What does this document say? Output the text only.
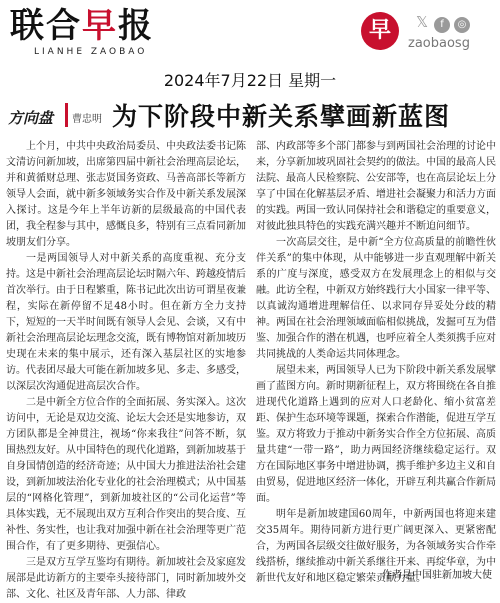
联合早报
LIANHE ZAOBAO
早	𝕏 f ◎
zaobaosg
2024年7月22日 星期一
方向盘 曹忠明 为下阶段中新关系擘画新蓝图

上个月，中共中央政治局委员、中央政法委书记陈文清访问新加坡，出席第四届中新社会治理高层论坛，并和黄循财总理、张志贤国务资政、马善高部长等新方领导人会面，就中新多领域务实合作及中新关系发展深入探讨。这是今年上半年访新的层级最高的中国代表团，我全程参与其中，感慨良多，特别有三点看同新加坡朋友们分享。

一是两国领导人对中新关系的高度重视、充分支持。这是中新社会治理高层论坛时隔六年、跨越疫情后首次举行。由于日程繁重，陈书记此次出访可谓星夜兼程，实际在新停留不足48小时。但在新方全力支持下，短短的一天半时间既有领导人会见、会谈，又有中新社会治理高层论坛理念交流，既有博物馆对新加坡历史现在未来的集中展示，还有深入基层社区的实地参访。代表团尽最大可能在新加坡多见、多走、多感受，以深层次沟通促进高层次合作。

二是中新全方位合作的全面拓展、务实深入。这次访问中，无论是双边交流、论坛大会还是实地参访，双方团队都是全神贯注，视场“你来我往”问答不断，氛围热烈友好。从中国特色的现代化道路，到新加坡基于自身国情创造的经济奇迹；从中国大力推进法治社会建设，到新加坡法治化专业化的社会治理模式；从中国基层的“网格化管理”，到新加坡社区的“公司化运营”等具体实践，无不展现出双方互利合作突出的契合度、互补性、务实性，也让我对加强中新在社会治理等更广范围合作，有了更多期待、更强信心。

三是双方互学互鉴均有期待。新加坡社会及家庭发展部是此访新方的主要牵头接待部门，同时新加坡外交部、文化、社区及青年部、人力部、律政

部、内政部等多个部门都参与到两国社会治理的讨论中来，分享新加坡巩固社会契约的做法。中国的最高人民法院、最高人民检察院、公安部等，也在高层论坛上分享了中国在化解基层矛盾、增进社会凝聚力和活力方面的实践。两国一致认同保持社会和谐稳定的重要意义，对彼此独具特色的实践充满兴趣并不断迫问细节。

一次高层交往，是中新“全方位高质量的前瞻性伙伴关系”的集中体现，从中能够进一步直观理解中新关系的广度与深度，感受双方在发展理念上的相似与交融。此访全程，中新双方始终践行大小国家一律平等、以真诚沟通增进理解信任、以求同存异妥处分歧的精神。两国在社会治理领域面临相似挑战，发掘可互为借鉴、加强合作的潜在机遇，也呼应着全人类须携手应对共同挑战的人类命运共同体理念。

展望未来，两国领导人已为下阶段中新关系发展擘画了蓝图方向。新时期新征程上，双方将围绕在各自推进现代化道路上遇到的应对人口老龄化、缩小贫富差距、保护生态环境等课题，探索合作潜能，促进互学互鉴。双方将致力于推动中新务实合作全方位拓展、高质量共建“一带一路”，助力两国经济继续稳定运行。双方在国际地区事务中增进协调，携手维护多边主义和自由贸易，促进地区经济一体化，开辟互利共赢合作新局面。

明年是新加坡建国60周年，中新两国也将迎来建交35周年。期待同新方进行更广阔更深入、更紧密配合，为两国各层级交往做好服务，为各领域务实合作牵线搭桥，继续推动中新关系继往开来、再绽华章，为中新世代友好和地区稳定繁荣贡献力量。

作者是中国驻新加坡大使
